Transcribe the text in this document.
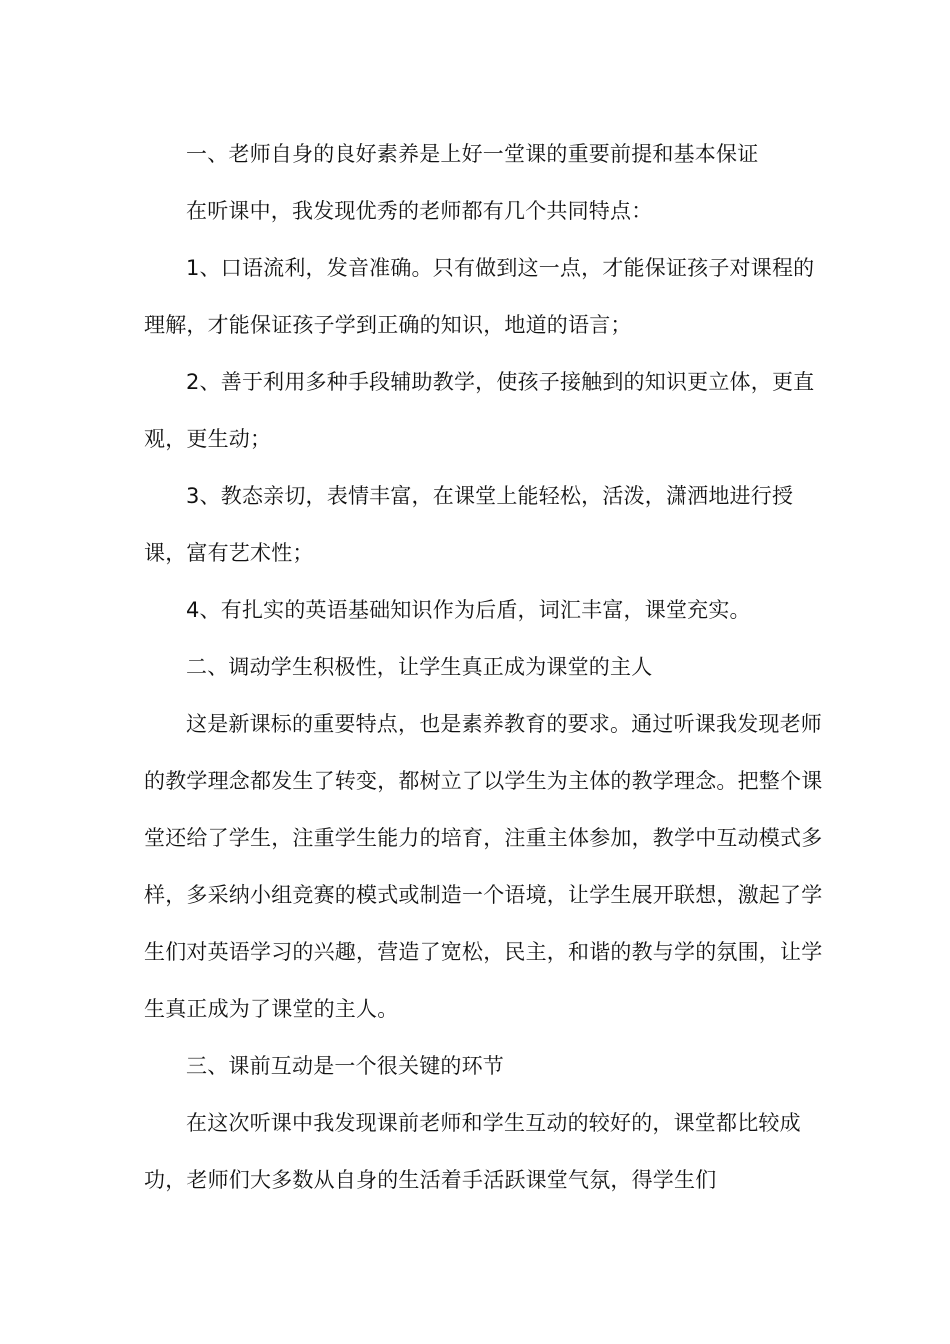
一、老师自身的良好素养是上好一堂课的重要前提和基本保证

在听课中，我发现优秀的老师都有几个共同特点：

1、口语流利，发音准确。只有做到这一点，才能保证孩子对课程的理解，才能保证孩子学到正确的知识，地道的语言；

2、善于利用多种手段辅助教学，使孩子接触到的知识更立体，更直观，更生动；

3、教态亲切，表情丰富，在课堂上能轻松，活泼，潇洒地进行授课，富有艺术性；

4、有扎实的英语基础知识作为后盾，词汇丰富，课堂充实。

二、调动学生积极性，让学生真正成为课堂的主人

这是新课标的重要特点，也是素养教育的要求。通过听课我发现老师的教学理念都发生了转变，都树立了以学生为主体的教学理念。把整个课堂还给了学生，注重学生能力的培育，注重主体参加，教学中互动模式多样，多采纳小组竞赛的模式或制造一个语境，让学生展开联想，激起了学生们对英语学习的兴趣，营造了宽松，民主，和谐的教与学的氛围，让学生真正成为了课堂的主人。

三、课前互动是一个很关键的环节

在这次听课中我发现课前老师和学生互动的较好的，课堂都比较成功，老师们大多数从自身的生活着手活跃课堂气氛，得学生们
